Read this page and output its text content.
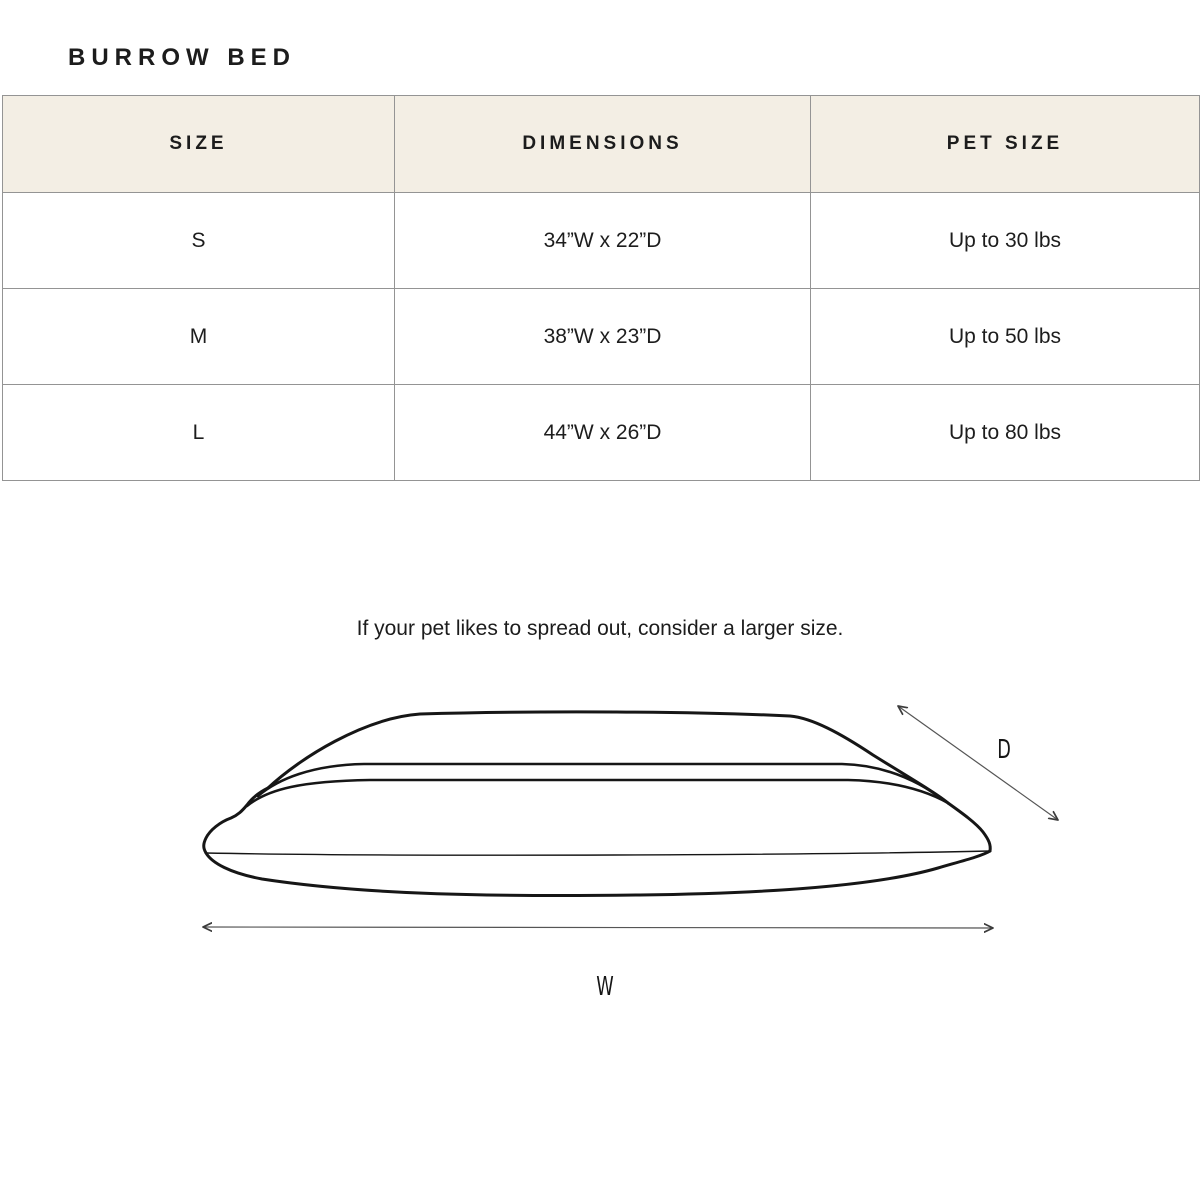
BURROW BED
SIZE	DIMENSIONS	PET SIZE
S	34”W x 22”D	Up to 30 lbs
M	38”W x 23”D	Up to 50 lbs
L	44”W x 26”D	Up to 80 lbs
If your pet likes to spread out, consider a larger size.
D
W
